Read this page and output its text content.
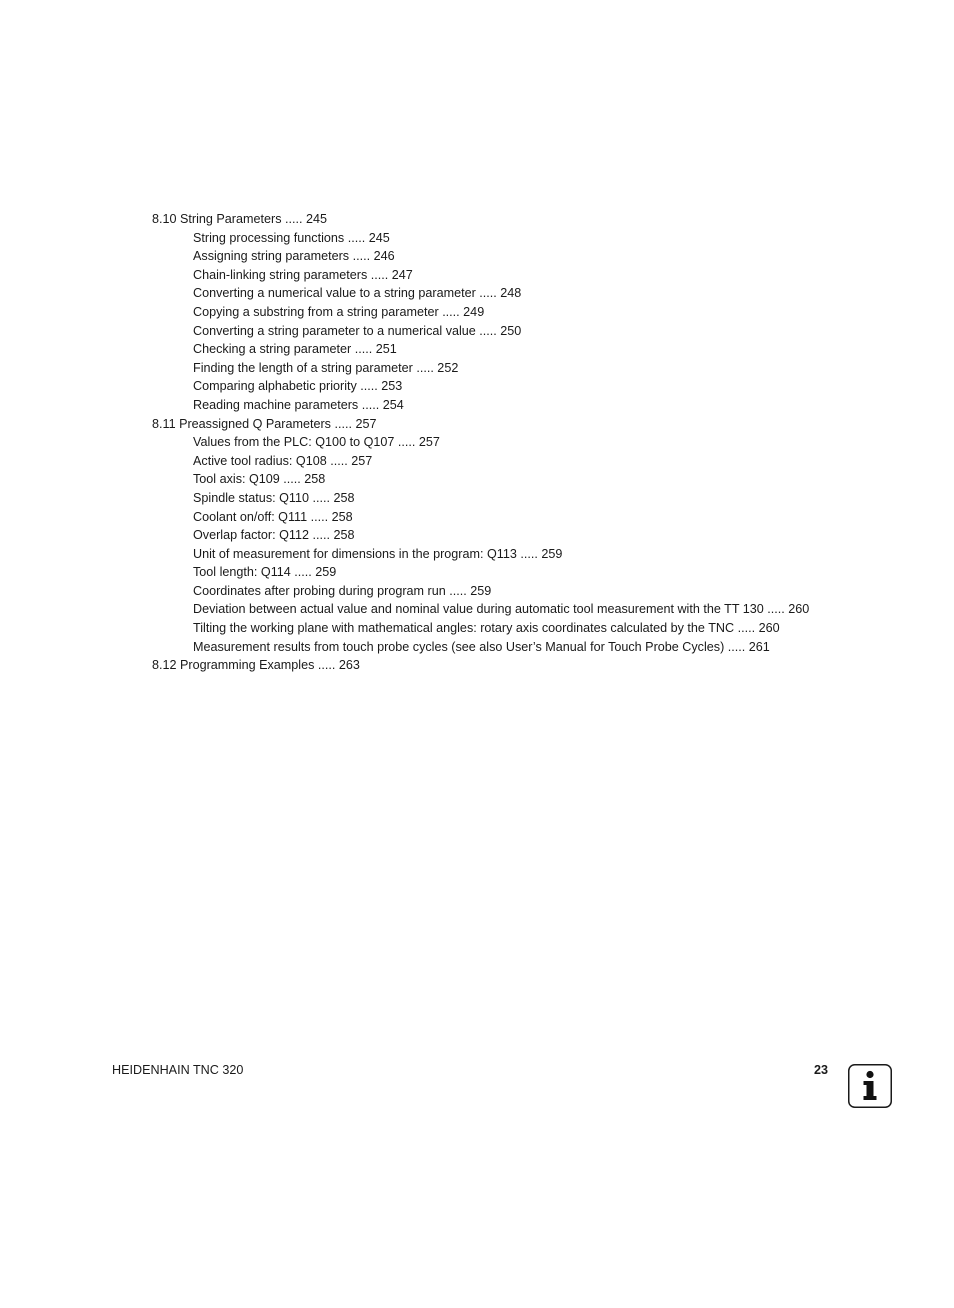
8.10 String Parameters ..... 245
String processing functions ..... 245
Assigning string parameters ..... 246
Chain-linking string parameters ..... 247
Converting a numerical value to a string parameter ..... 248
Copying a substring from a string parameter ..... 249
Converting a string parameter to a numerical value ..... 250
Checking a string parameter ..... 251
Finding the length of a string parameter ..... 252
Comparing alphabetic priority ..... 253
Reading machine parameters ..... 254
8.11 Preassigned Q Parameters ..... 257
Values from the PLC: Q100 to Q107 ..... 257
Active tool radius: Q108 ..... 257
Tool axis: Q109 ..... 258
Spindle status: Q110 ..... 258
Coolant on/off: Q111 ..... 258
Overlap factor: Q112 ..... 258
Unit of measurement for dimensions in the program: Q113 ..... 259
Tool length: Q114 ..... 259
Coordinates after probing during program run ..... 259
Deviation between actual value and nominal value during automatic tool measurement with the TT 130 ..... 260
Tilting the working plane with mathematical angles: rotary axis coordinates calculated by the TNC ..... 260
Measurement results from touch probe cycles (see also User’s Manual for Touch Probe Cycles) ..... 261
8.12 Programming Examples ..... 263
HEIDENHAIN TNC 320	23
